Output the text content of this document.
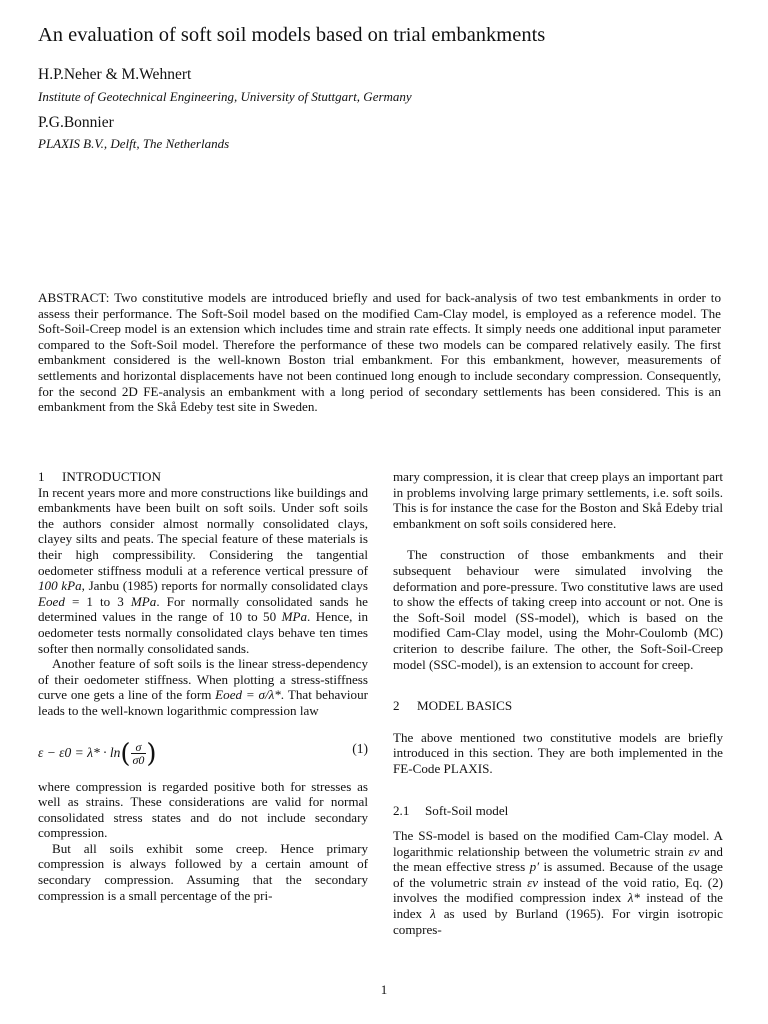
An evaluation of soft soil models based on trial embankments
H.P.Neher & M.Wehnert
Institute of Geotechnical Engineering, University of Stuttgart, Germany
P.G.Bonnier
PLAXIS B.V., Delft, The Netherlands

ABSTRACT: Two constitutive models are introduced briefly and used for back-analysis of two test embankments in order to assess their performance. The Soft-Soil model based on the modified Cam-Clay model, is employed as a reference model. The Soft-Soil-Creep model is an extension which includes time and strain rate effects. It simply needs one additional input parameter compared to the Soft-Soil model. Therefore the performance of these two models can be compared relatively easily. The first embankment considered is the well-known Boston trial embankment. For this embankment, however, measurements of settlements and horizontal displacements have not been continued long enough to include secondary compression. Consequently, for the second 2D FE-analysis an embankment with a long period of secondary settlements has been considered. This is an embankment from the Skå Edeby test site in Sweden.

1 INTRODUCTION

In recent years more and more constructions like buildings and embankments have been built on soft soils. Under soft soils the authors consider almost normally consolidated clays, clayey silts and peats. The special feature of these materials is their high compressibility. Considering the tangential oedometer stiffness moduli at a reference vertical pressure of 100 kPa, Janbu (1985) reports for normally consolidated clays Eoed = 1 to 3 MPa. For normally consolidated sands he determined values in the range of 10 to 50 MPa. Hence, in oedometer tests normally consolidated clays behave ten times softer then normally consolidated sands.

Another feature of soft soils is the linear stress-dependency of their oedometer stiffness. When plotting a stress-stiffness curve one gets a line of the form Eoed = σ/λ*. That behaviour leads to the well-known logarithmic compression law

$\varepsilon - \varepsilon 0 = \lambda* \cdot \ln( \frac{\sigma}{\sigma 0}$ )	(1)

where compression is regarded positive both for stresses as well as strains. These considerations are valid for normal consolidated stress states and do not include secondary compression.

But all soils exhibit some creep. Hence primary compression is always followed by a certain amount of secondary compression. Assuming that the secondary compression is a small percentage of the pri-

mary compression, it is clear that creep plays an important part in problems involving large primary settlements, i.e. soft soils. This is for instance the case for the Boston and Skå Edeby trial embankment on soft soils considered here.

The construction of those embankments and their subsequent behaviour were simulated involving the deformation and pore-pressure. Two constitutive laws are used to show the effects of taking creep into account or not. One is the Soft-Soil model (SS-model), which is based on the modified Cam-Clay model, using the Mohr-Coulomb (MC) criterion to describe failure. The other, the Soft-Soil-Creep model (SSC-model), is an extension to account for creep.

2 MODEL BASICS

The above mentioned two constitutive models are briefly introduced in this section. They are both implemented in the FE-Code PLAXIS.

2.1 Soft-Soil model

The SS-model is based on the modified Cam-Clay model. A logarithmic relationship between the volumetric strain εv and the mean effective stress p′ is assumed. Because of the usage of the volumetric strain εv instead of the void ratio, Eq. (2) involves the modified compression index λ* instead of the index λ as used by Burland (1965). For virgin isotropic compres-

1
